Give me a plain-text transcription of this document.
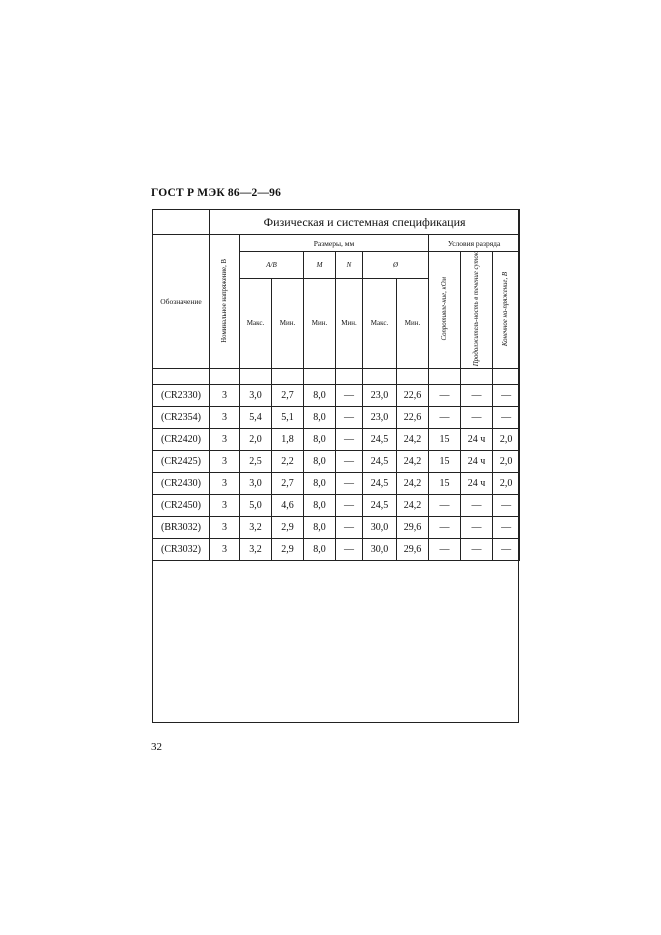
ГОСТ Р МЭК 86—2—96
	Физическая и системная спецификация									
Обозначение	Номинальное напряжение, В	Размеры, мм						Условия разряда		
		А/В		М	N	Ø		Сопротивле-ние, кОм	Продолжитель-ность в течение суток	Конечное на-пряжение, В
		Макс.	Мин.	Мин.	Мин.	Макс.	Мин.			

(CR2330)	3	3,0	2,7	8,0	—	23,0	22,6	—	—	—
(CR2354)	3	5,4	5,1	8,0	—	23,0	22,6	—	—	—
(CR2420)	3	2,0	1,8	8,0	—	24,5	24,2	15	24 ч	2,0
(CR2425)	3	2,5	2,2	8,0	—	24,5	24,2	15	24 ч	2,0
(CR2430)	3	3,0	2,7	8,0	—	24,5	24,2	15	24 ч	2,0
(CR2450)	3	5,0	4,6	8,0	—	24,5	24,2	—	—	—
(BR3032)	3	3,2	2,9	8,0	—	30,0	29,6	—	—	—
(CR3032)	3	3,2	2,9	8,0	—	30,0	29,6	—	—	—
32
